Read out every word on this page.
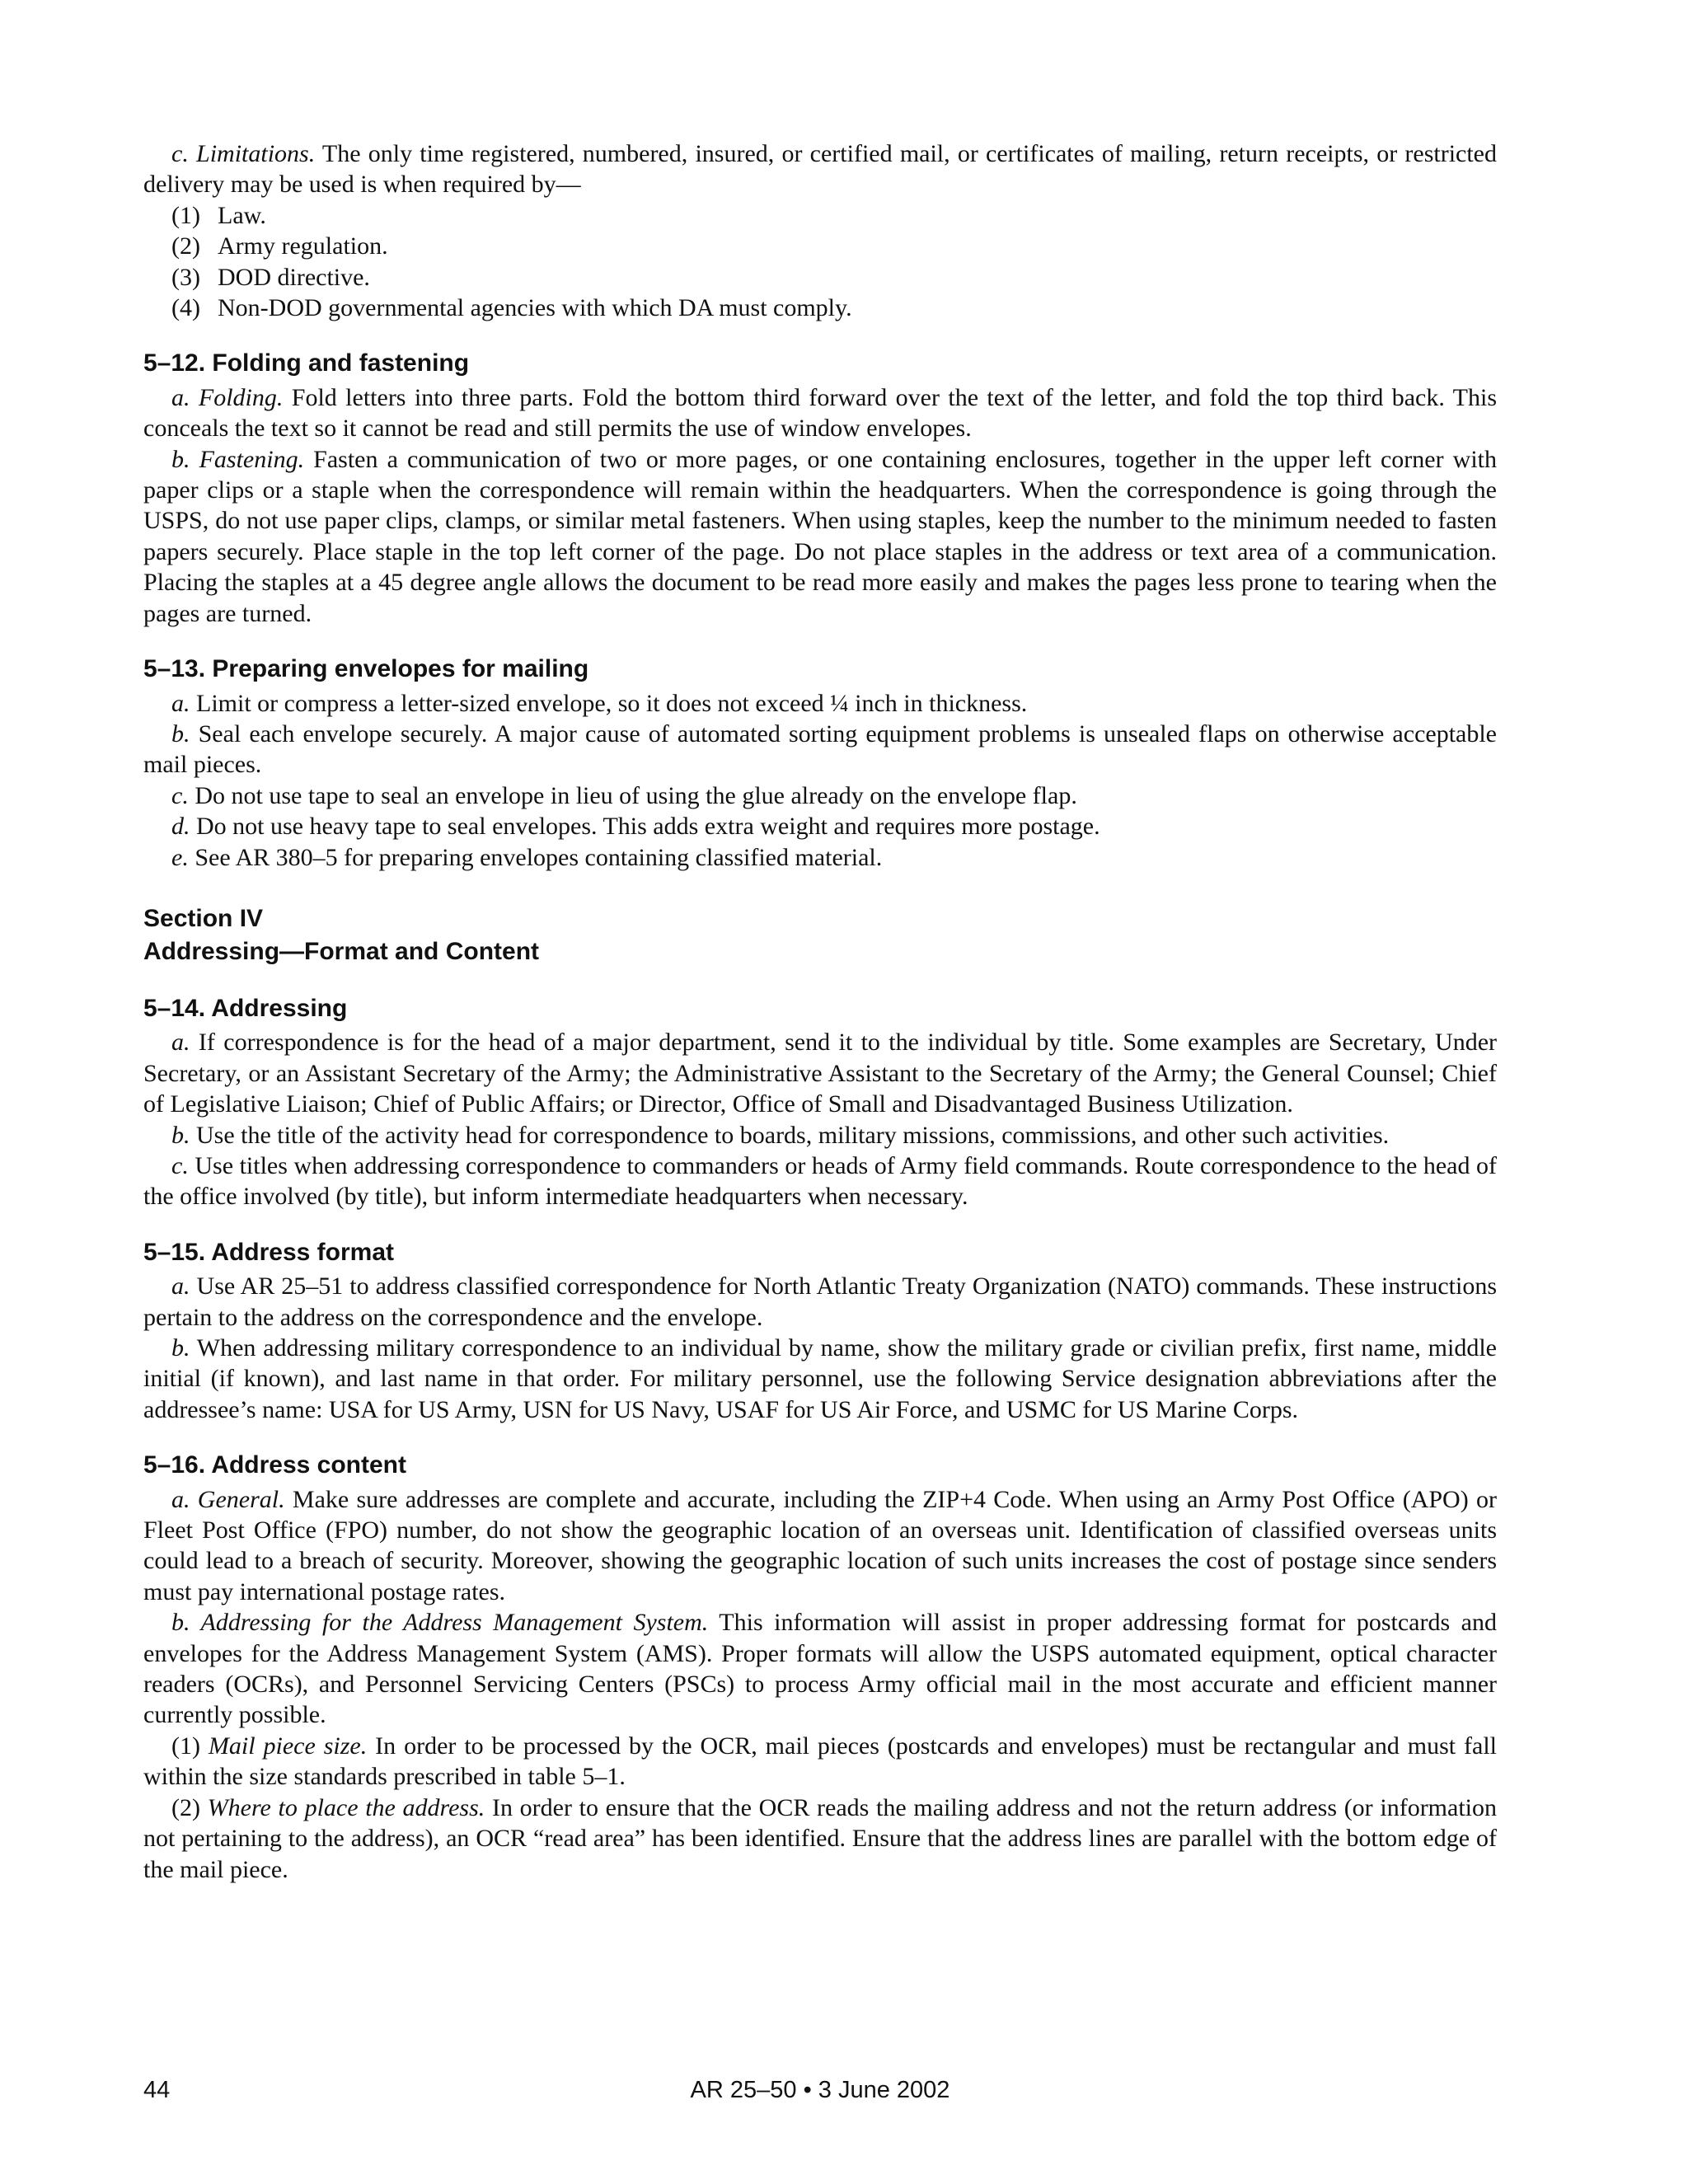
c. Limitations. The only time registered, numbered, insured, or certified mail, or certificates of mailing, return receipts, or restricted delivery may be used is when required by—

(1) Law.

(2) Army regulation.

(3) DOD directive.

(4) Non-DOD governmental agencies with which DA must comply.

5–12. Folding and fastening

a. Folding. Fold letters into three parts. Fold the bottom third forward over the text of the letter, and fold the top third back. This conceals the text so it cannot be read and still permits the use of window envelopes.

b. Fastening. Fasten a communication of two or more pages, or one containing enclosures, together in the upper left corner with paper clips or a staple when the correspondence will remain within the headquarters. When the correspondence is going through the USPS, do not use paper clips, clamps, or similar metal fasteners. When using staples, keep the number to the minimum needed to fasten papers securely. Place staple in the top left corner of the page. Do not place staples in the address or text area of a communication. Placing the staples at a 45 degree angle allows the document to be read more easily and makes the pages less prone to tearing when the pages are turned.

5–13. Preparing envelopes for mailing

a. Limit or compress a letter-sized envelope, so it does not exceed ¼ inch in thickness.

b. Seal each envelope securely. A major cause of automated sorting equipment problems is unsealed flaps on otherwise acceptable mail pieces.

c. Do not use tape to seal an envelope in lieu of using the glue already on the envelope flap.

d. Do not use heavy tape to seal envelopes. This adds extra weight and requires more postage.

e. See AR 380–5 for preparing envelopes containing classified material.

Section IV
Addressing—Format and Content
5–14. Addressing

a. If correspondence is for the head of a major department, send it to the individual by title. Some examples are Secretary, Under Secretary, or an Assistant Secretary of the Army; the Administrative Assistant to the Secretary of the Army; the General Counsel; Chief of Legislative Liaison; Chief of Public Affairs; or Director, Office of Small and Disadvantaged Business Utilization.

b. Use the title of the activity head for correspondence to boards, military missions, commissions, and other such activities.

c. Use titles when addressing correspondence to commanders or heads of Army field commands. Route correspondence to the head of the office involved (by title), but inform intermediate headquarters when necessary.

5–15. Address format

a. Use AR 25–51 to address classified correspondence for North Atlantic Treaty Organization (NATO) commands. These instructions pertain to the address on the correspondence and the envelope.

b. When addressing military correspondence to an individual by name, show the military grade or civilian prefix, first name, middle initial (if known), and last name in that order. For military personnel, use the following Service designation abbreviations after the addressee’s name: USA for US Army, USN for US Navy, USAF for US Air Force, and USMC for US Marine Corps.

5–16. Address content

a. General. Make sure addresses are complete and accurate, including the ZIP+4 Code. When using an Army Post Office (APO) or Fleet Post Office (FPO) number, do not show the geographic location of an overseas unit. Identification of classified overseas units could lead to a breach of security. Moreover, showing the geographic location of such units increases the cost of postage since senders must pay international postage rates.

b. Addressing for the Address Management System. This information will assist in proper addressing format for postcards and envelopes for the Address Management System (AMS). Proper formats will allow the USPS automated equipment, optical character readers (OCRs), and Personnel Servicing Centers (PSCs) to process Army official mail in the most accurate and efficient manner currently possible.

(1) Mail piece size. In order to be processed by the OCR, mail pieces (postcards and envelopes) must be rectangular and must fall within the size standards prescribed in table 5–1.

(2) Where to place the address. In order to ensure that the OCR reads the mailing address and not the return address (or information not pertaining to the address), an OCR “read area” has been identified. Ensure that the address lines are parallel with the bottom edge of the mail piece.

44	AR 25–50 • 3 June 2002
